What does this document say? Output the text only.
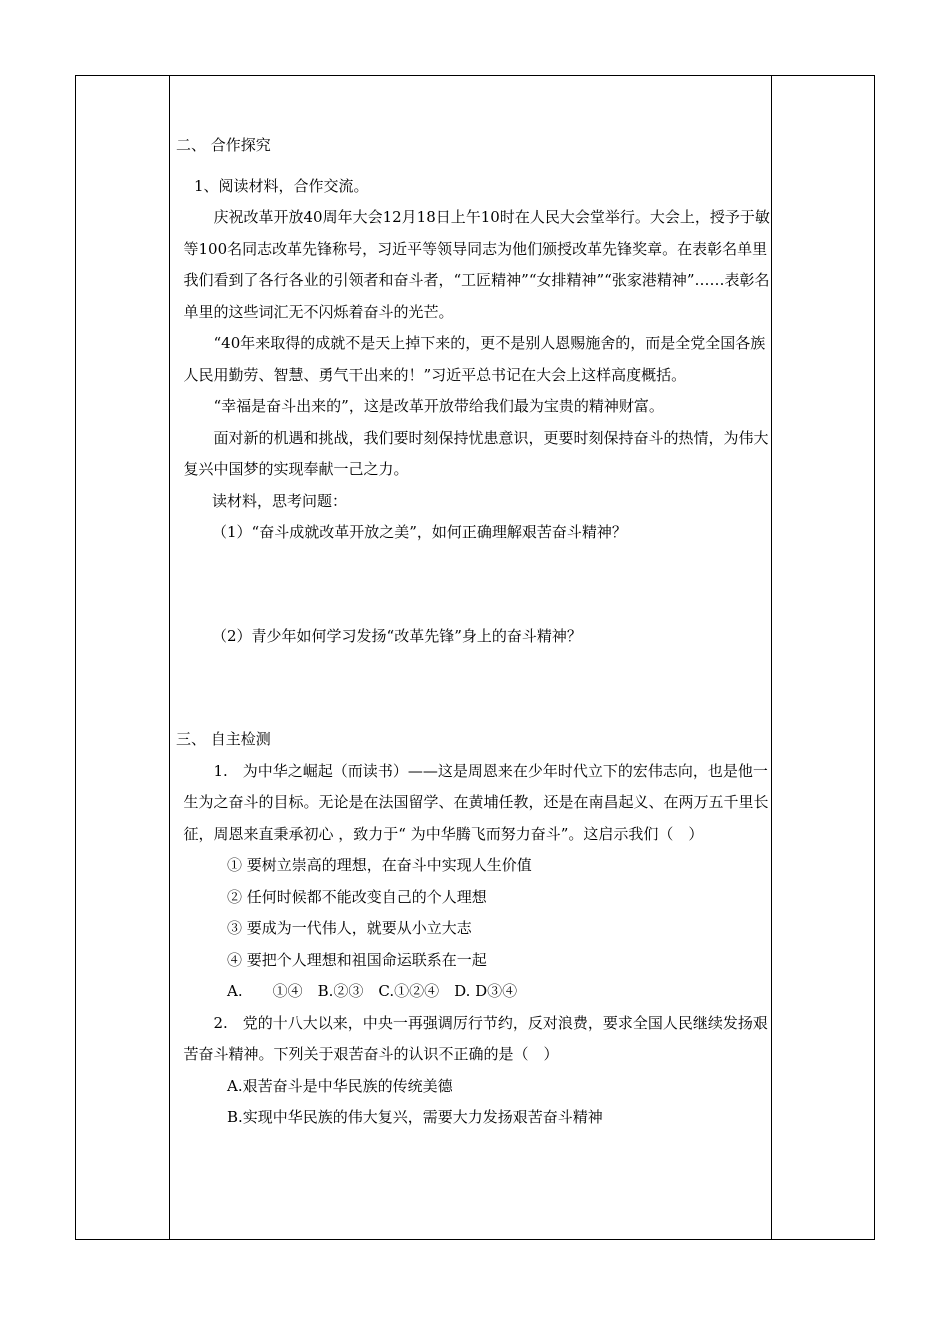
二、 合作探究

1、阅读材料，合作交流。

庆祝改革开放40周年大会12月18日上午10时在人民大会堂举行。大会上，授予于敏等100名同志改革先锋称号，习近平等领导同志为他们颁授改革先锋奖章。在表彰名单里我们看到了各行各业的引领者和奋斗者，“工匠精神”“女排精神”“张家港精神”……表彰名单里的这些词汇无不闪烁着奋斗的光芒。

“40年来取得的成就不是天上掉下来的，更不是别人恩赐施舍的，而是全党全国各族人民用勤劳、智慧、勇气干出来的！”习近平总书记在大会上这样高度概括。

“幸福是奋斗出来的”，这是改革开放带给我们最为宝贵的精神财富。

面对新的机遇和挑战，我们要时刻保持忧患意识，更要时刻保持奋斗的热情，为伟大复兴中国梦的实现奉献一己之力。

读材料，思考问题：

（1）“奋斗成就改革开放之美”，如何正确理解艰苦奋斗精神？

（2）青少年如何学习发扬“改革先锋”身上的奋斗精神？

三、 自主检测

1.　为中华之崛起（而读书）——这是周恩来在少年时代立下的宏伟志向，也是他一生为之奋斗的目标。无论是在法国留学、在黄埔任教，还是在南昌起义、在两万五千里长征，周恩来直秉承初心 ，致力于“ 为中华腾飞而努力奋斗”。这启示我们（　）

① 要树立崇高的理想，在奋斗中实现人生价值

② 任何时候都不能改变自己的个人理想

③ 要成为一代伟人，就要从小立大志

④ 要把个人理想和祖国命运联系在一起

A.　　①④　B.②③　C.①②④　D. D③④

2.　党的十八大以来，中央一再强调厉行节约，反对浪费，要求全国人民继续发扬艰苦奋斗精神。下列关于艰苦奋斗的认识不正确的是（　）

A.艰苦奋斗是中华民族的传统美德

B.实现中华民族的伟大复兴，需要大力发扬艰苦奋斗精神
